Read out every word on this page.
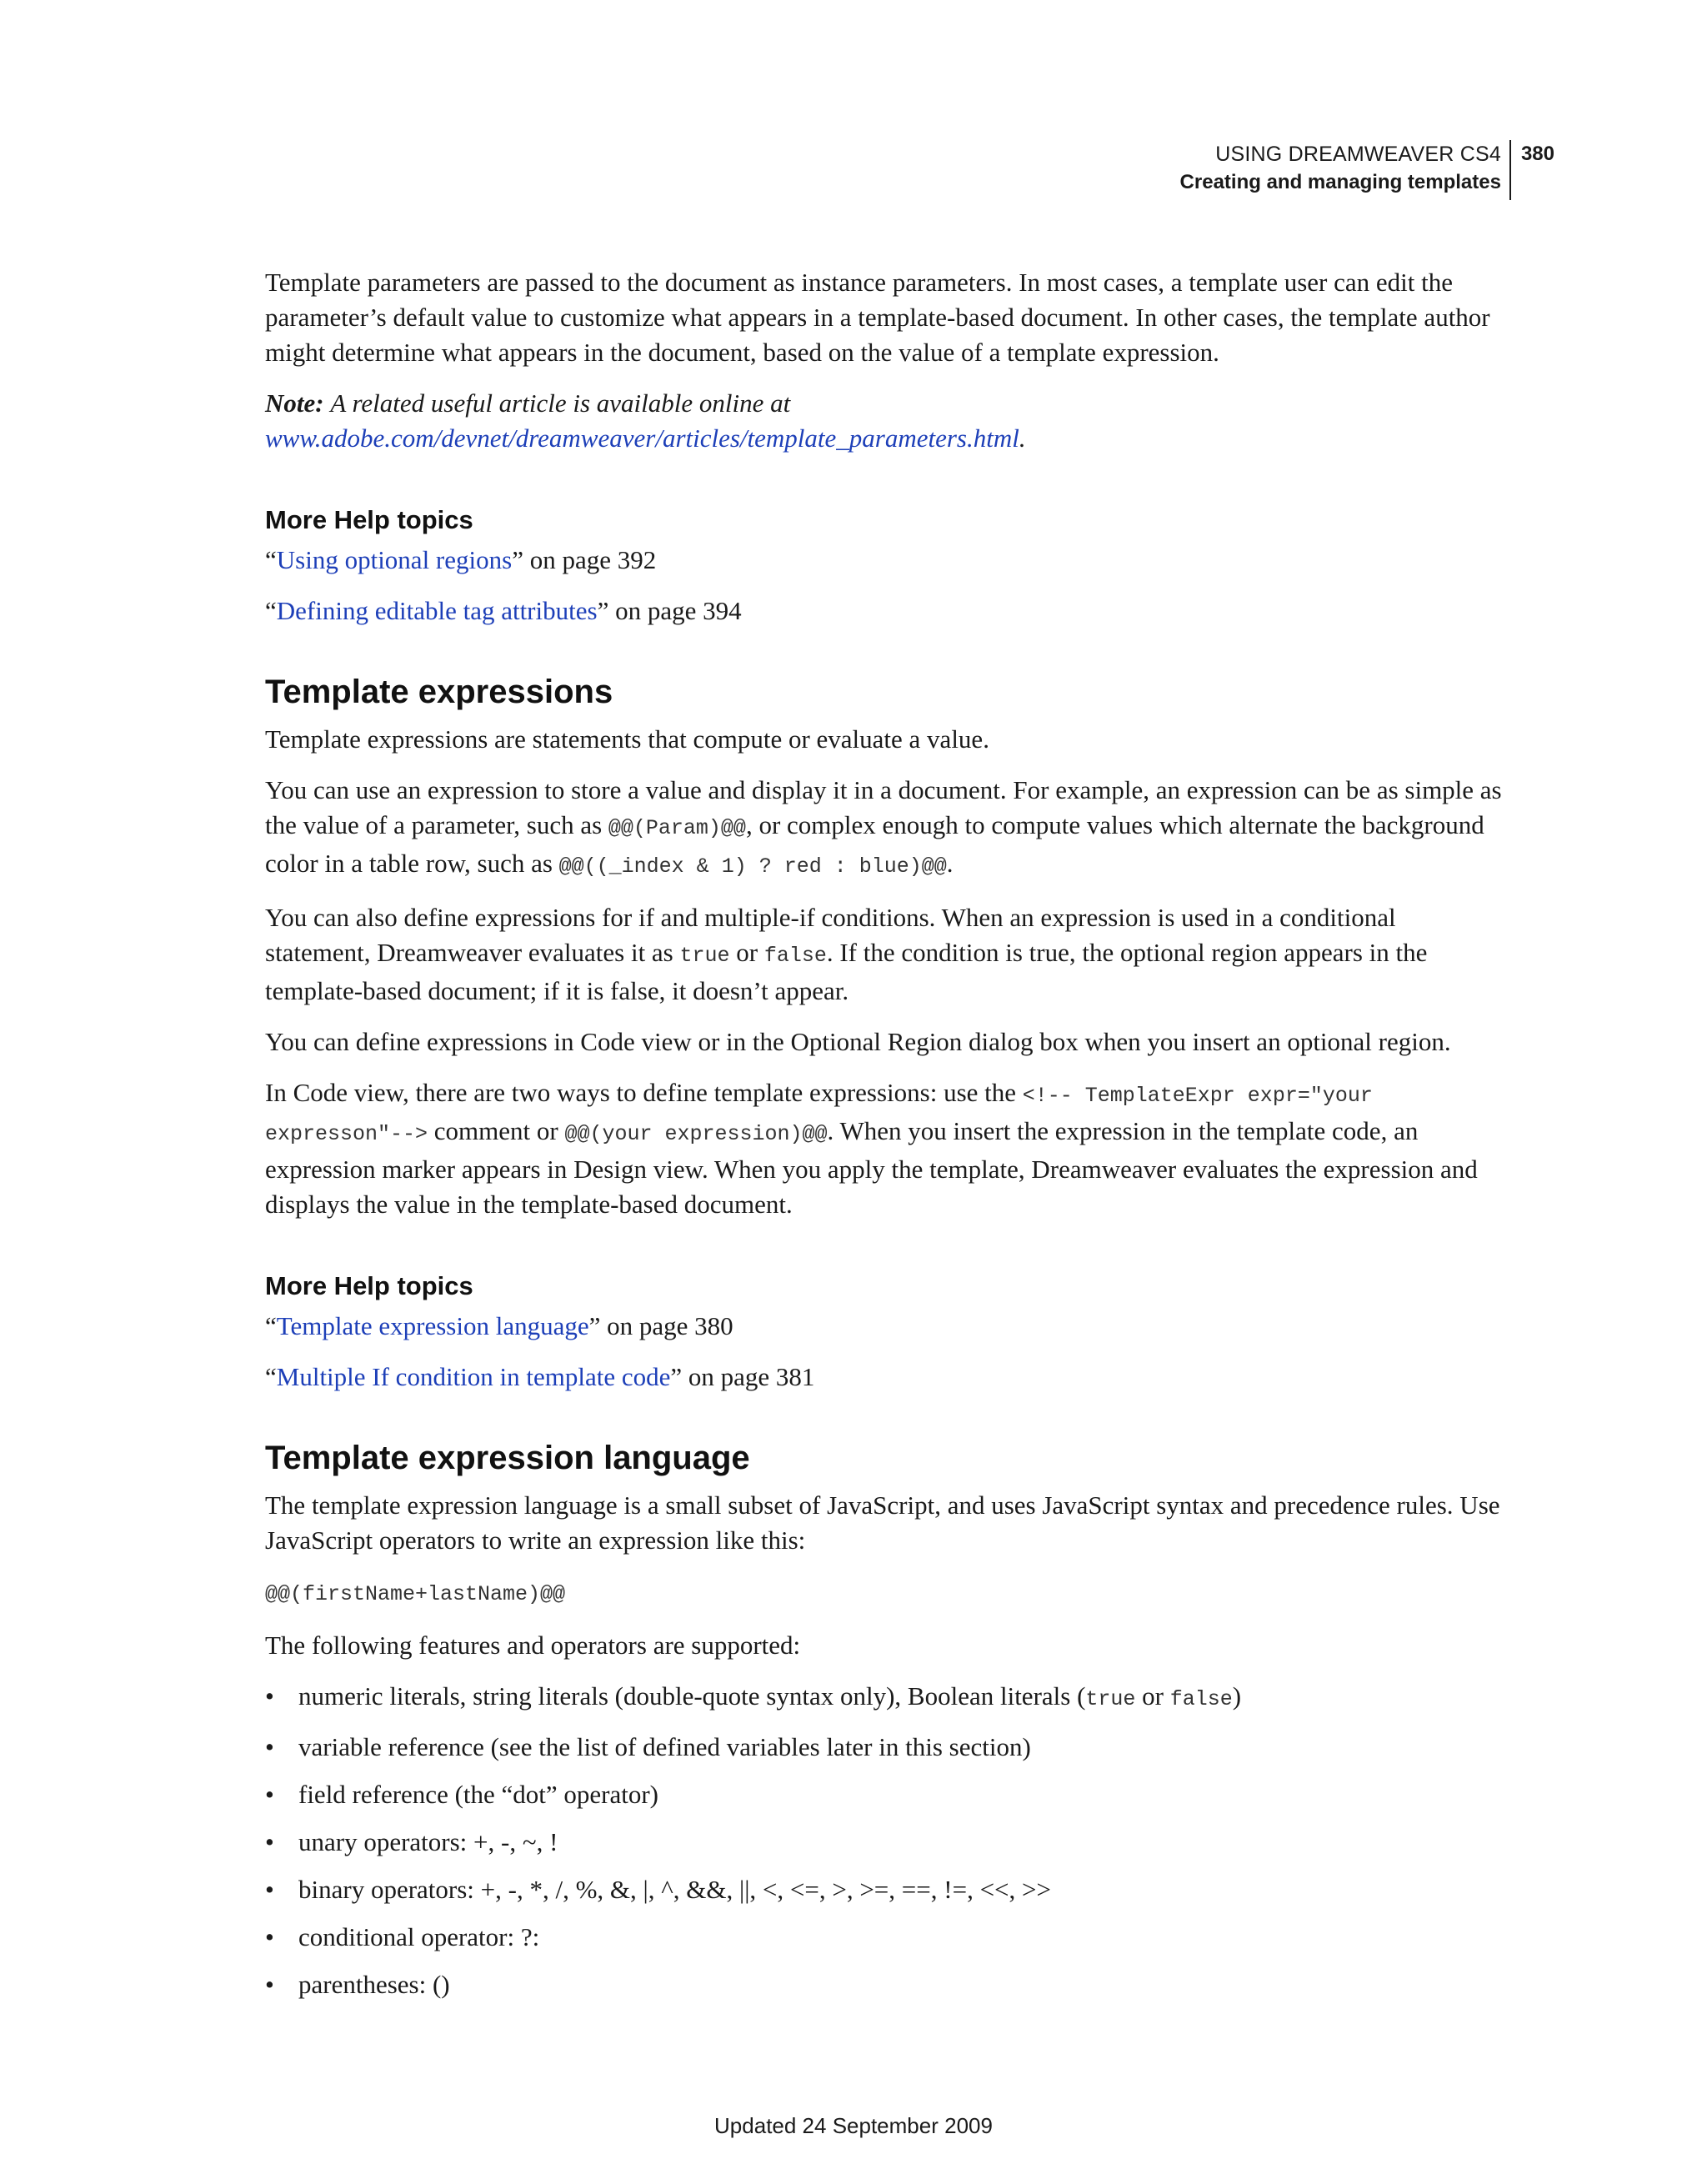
USING DREAMWEAVER CS4
Creating and managing templates
380

Template parameters are passed to the document as instance parameters. In most cases, a template user can edit the parameter’s default value to customize what appears in a template-based document. In other cases, the template author might determine what appears in the document, based on the value of a template expression.

Note: A related useful article is available online at
www.adobe.com/devnet/dreamweaver/articles/template_parameters.html.

More Help topics

“Using optional regions” on page 392

“Defining editable tag attributes” on page 394

Template expressions

Template expressions are statements that compute or evaluate a value.

You can use an expression to store a value and display it in a document. For example, an expression can be as simple as the value of a parameter, such as @@(Param)@@, or complex enough to compute values which alternate the background color in a table row, such as @@((_index & 1) ? red : blue)@@.

You can also define expressions for if and multiple-if conditions. When an expression is used in a conditional statement, Dreamweaver evaluates it as true or false. If the condition is true, the optional region appears in the template-based document; if it is false, it doesn’t appear.

You can define expressions in Code view or in the Optional Region dialog box when you insert an optional region.

In Code view, there are two ways to define template expressions: use the <!-- TemplateExpr expr="your expresson"--> comment or @@(your expression)@@. When you insert the expression in the template code, an expression marker appears in Design view. When you apply the template, Dreamweaver evaluates the expression and displays the value in the template-based document.

More Help topics

“Template expression language” on page 380

“Multiple If condition in template code” on page 381

Template expression language

The template expression language is a small subset of JavaScript, and uses JavaScript syntax and precedence rules. Use JavaScript operators to write an expression like this:

@@(firstName+lastName)@@

The following features and operators are supported:

• numeric literals, string literals (double-quote syntax only), Boolean literals (true or false)
• variable reference (see the list of defined variables later in this section)
• field reference (the “dot” operator)
• unary operators: +, -, ~, !
• binary operators: +, -, *, /, %, &, |, ^, &&, ||, <, <=, >, >=, ==, !=, <<, >>
• conditional operator: ?:
• parentheses: ()
Updated 24 September 2009
